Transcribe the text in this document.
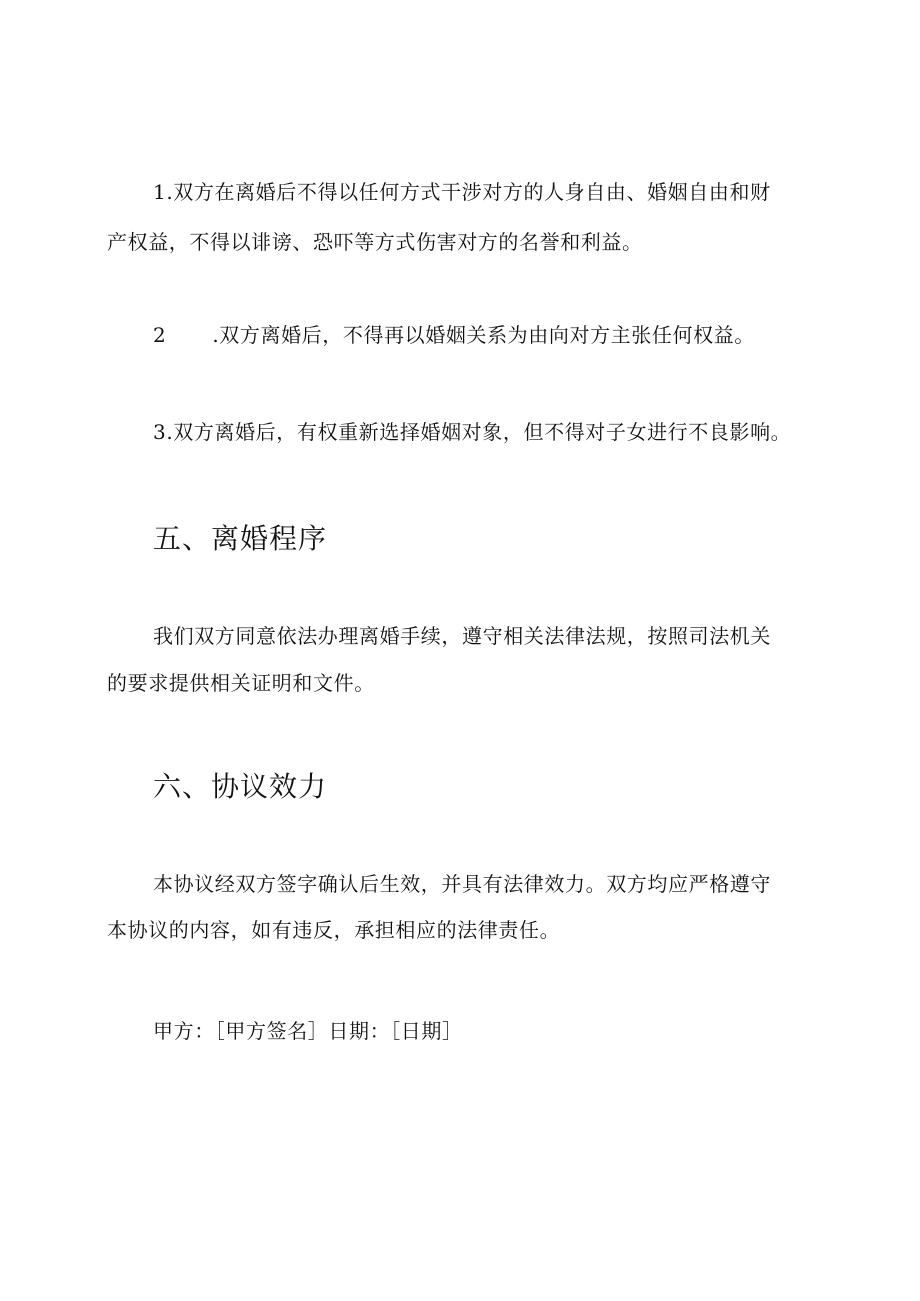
1.双方在离婚后不得以任何方式干涉对方的人身自由、婚姻自由和财
产权益，不得以诽谤、恐吓等方式伤害对方的名誉和利益。
2 .双方离婚后，不得再以婚姻关系为由向对方主张任何权益。
3.双方离婚后，有权重新选择婚姻对象，但不得对子女进行不良影响。
五、离婚程序
我们双方同意依法办理离婚手续，遵守相关法律法规，按照司法机关
的要求提供相关证明和文件。
六、协议效力
本协议经双方签字确认后生效，并具有法律效力。双方均应严格遵守
本协议的内容，如有违反，承担相应的法律责任。
甲方：［甲方签名］日期：［日期］
